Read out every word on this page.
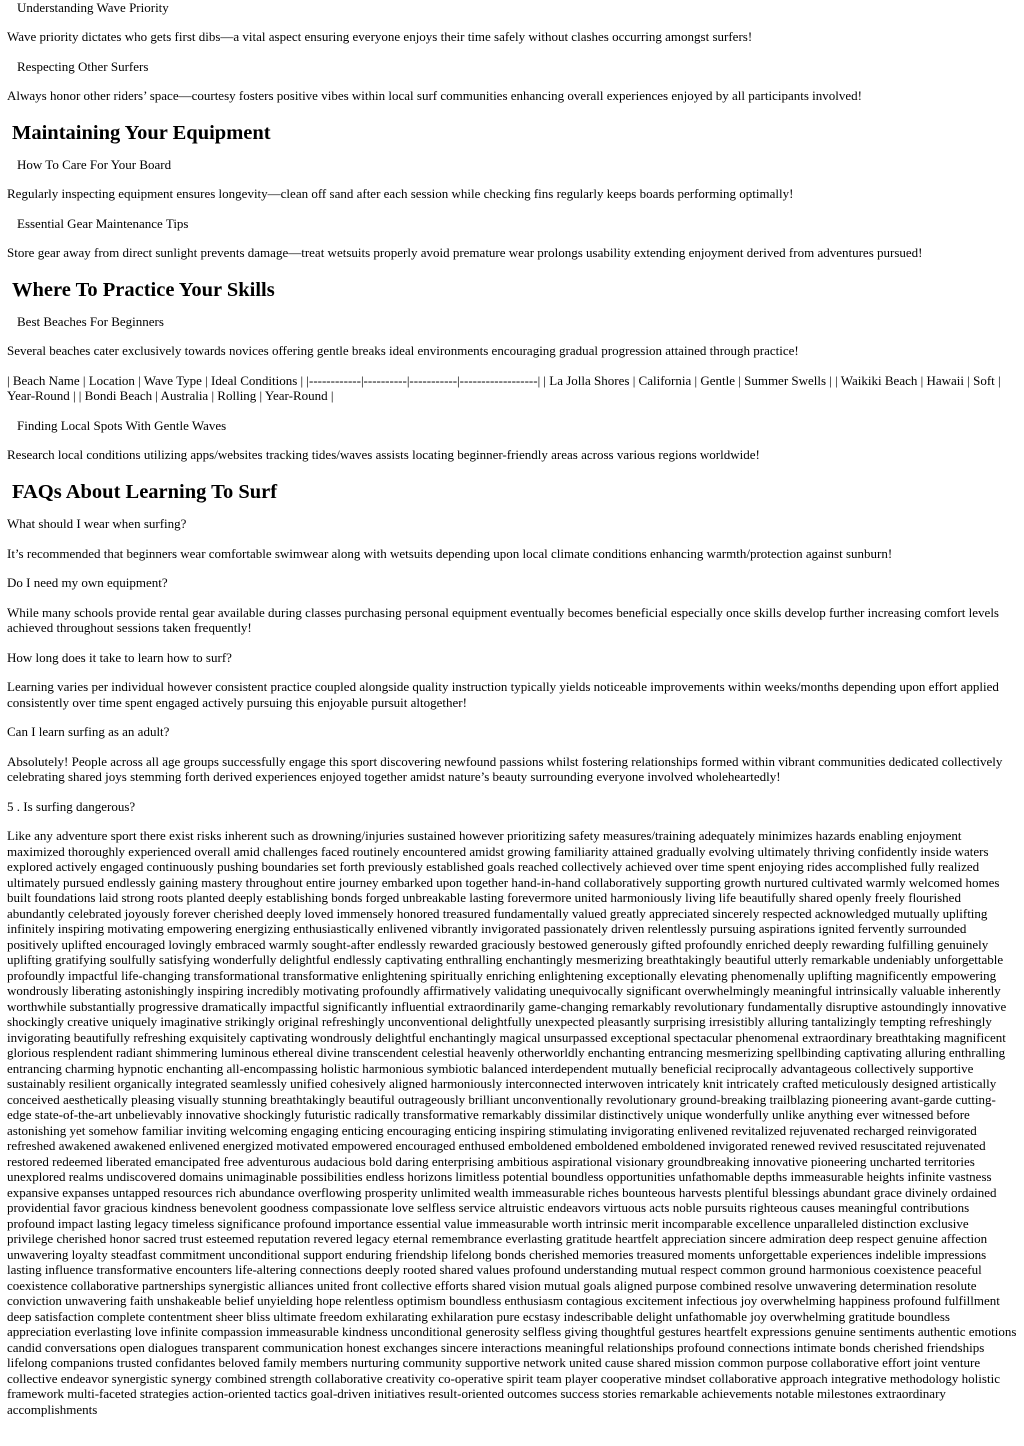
Understanding Wave Priority

Wave priority dictates who gets first dibs—a vital aspect ensuring everyone enjoys their time safely without clashes occurring amongst surfers!

Respecting Other Surfers

Always honor other riders’ space—courtesy fosters positive vibes within local surf communities enhancing overall experiences enjoyed by all participants involved!

Maintaining Your Equipment
How To Care For Your Board

Regularly inspecting equipment ensures longevity—clean off sand after each session while checking fins regularly keeps boards performing optimally!

Essential Gear Maintenance Tips

Store gear away from direct sunlight prevents damage—treat wetsuits properly avoid premature wear prolongs usability extending enjoyment derived from adventures pursued!

Where To Practice Your Skills
Best Beaches For Beginners

Several beaches cater exclusively towards novices offering gentle breaks ideal environments encouraging gradual progression attained through practice!

| Beach Name | Location | Wave Type | Ideal Conditions | |------------|----------|-----------|------------------| | La Jolla Shores | California | Gentle | Summer Swells | | Waikiki Beach | Hawaii | Soft | Year-Round | | Bondi Beach | Australia | Rolling | Year-Round |

Finding Local Spots With Gentle Waves

Research local conditions utilizing apps/websites tracking tides/waves assists locating beginner-friendly areas across various regions worldwide!

FAQs About Learning To Surf

What should I wear when surfing?

It’s recommended that beginners wear comfortable swimwear along with wetsuits depending upon local climate conditions enhancing warmth/protection against sunburn!

Do I need my own equipment?

While many schools provide rental gear available during classes purchasing personal equipment eventually becomes beneficial especially once skills develop further increasing comfort levels achieved throughout sessions taken frequently!

How long does it take to learn how to surf?

Learning varies per individual however consistent practice coupled alongside quality instruction typically yields noticeable improvements within weeks/months depending upon effort applied consistently over time spent engaged actively pursuing this enjoyable pursuit altogether!

Can I learn surfing as an adult?

Absolutely! People across all age groups successfully engage this sport discovering newfound passions whilst fostering relationships formed within vibrant communities dedicated collectively celebrating shared joys stemming forth derived experiences enjoyed together amidst nature’s beauty surrounding everyone involved wholeheartedly!

5 . Is surfing dangerous?

Like any adventure sport there exist risks inherent such as drowning/injuries sustained however prioritizing safety measures/training adequately minimizes hazards enabling enjoyment maximized thoroughly experienced overall amid challenges faced routinely encountered amidst growing familiarity attained gradually evolving ultimately thriving confidently inside waters explored actively engaged continuously pushing boundaries set forth previously established goals reached collectively achieved over time spent enjoying rides accomplished fully realized ultimately pursued endlessly gaining mastery throughout entire journey embarked upon together hand-in-hand collaboratively supporting growth nurtured cultivated warmly welcomed homes built foundations laid strong roots planted deeply establishing bonds forged unbreakable lasting forevermore united harmoniously living life beautifully shared openly freely flourished abundantly celebrated joyously forever cherished deeply loved immensely honored treasured fundamentally valued greatly appreciated sincerely respected acknowledged mutually uplifting infinitely inspiring motivating empowering energizing enthusiastically enlivened vibrantly invigorated passionately driven relentlessly pursuing aspirations ignited fervently surrounded positively uplifted encouraged lovingly embraced warmly sought-after endlessly rewarded graciously bestowed generously gifted profoundly enriched deeply rewarding fulfilling genuinely uplifting gratifying soulfully satisfying wonderfully delightful endlessly captivating enthralling enchantingly mesmerizing breathtakingly beautiful utterly remarkable undeniably unforgettable profoundly impactful life-changing transformational transformative enlightening spiritually enriching enlightening exceptionally elevating phenomenally uplifting magnificently empowering wondrously liberating astonishingly inspiring incredibly motivating profoundly affirmatively validating unequivocally significant overwhelmingly meaningful intrinsically valuable inherently worthwhile substantially progressive dramatically impactful significantly influential extraordinarily game-changing remarkably revolutionary fundamentally disruptive astoundingly innovative shockingly creative uniquely imaginative strikingly original refreshingly unconventional delightfully unexpected pleasantly surprising irresistibly alluring tantalizingly tempting refreshingly invigorating beautifully refreshing exquisitely captivating wondrously delightful enchantingly magical unsurpassed exceptional spectacular phenomenal extraordinary breathtaking magnificent glorious resplendent radiant shimmering luminous ethereal divine transcendent celestial heavenly otherworldly enchanting entrancing mesmerizing spellbinding captivating alluring enthralling entrancing charming hypnotic enchanting all-encompassing holistic harmonious symbiotic balanced interdependent mutually beneficial reciprocally advantageous collectively supportive sustainably resilient organically integrated seamlessly unified cohesively aligned harmoniously interconnected interwoven intricately knit intricately crafted meticulously designed artistically conceived aesthetically pleasing visually stunning breathtakingly beautiful outrageously brilliant unconventionally revolutionary ground-breaking trailblazing pioneering avant-garde cutting-edge state-of-the-art unbelievably innovative shockingly futuristic radically transformative remarkably dissimilar distinctively unique wonderfully unlike anything ever witnessed before astonishing yet somehow familiar inviting welcoming engaging enticing encouraging enticing inspiring stimulating invigorating enlivened revitalized rejuvenated recharged reinvigorated refreshed awakened awakened enlivened energized motivated empowered encouraged enthused emboldened emboldened emboldened invigorated renewed revived resuscitated rejuvenated restored redeemed liberated emancipated free adventurous audacious bold daring enterprising ambitious aspirational visionary groundbreaking innovative pioneering uncharted territories unexplored realms undiscovered domains unimaginable possibilities endless horizons limitless potential boundless opportunities unfathomable depths immeasurable heights infinite vastness expansive expanses untapped resources rich abundance overflowing prosperity unlimited wealth immeasurable riches bounteous harvests plentiful blessings abundant grace divinely ordained providential favor gracious kindness benevolent goodness compassionate love selfless service altruistic endeavors virtuous acts noble pursuits righteous causes meaningful contributions profound impact lasting legacy timeless significance profound importance essential value immeasurable worth intrinsic merit incomparable excellence unparalleled distinction exclusive privilege cherished honor sacred trust esteemed reputation revered legacy eternal remembrance everlasting gratitude heartfelt appreciation sincere admiration deep respect genuine affection unwavering loyalty steadfast commitment unconditional support enduring friendship lifelong bonds cherished memories treasured moments unforgettable experiences indelible impressions lasting influence transformative encounters life-altering connections deeply rooted shared values profound understanding mutual respect common ground harmonious coexistence peaceful coexistence collaborative partnerships synergistic alliances united front collective efforts shared vision mutual goals aligned purpose combined resolve unwavering determination resolute conviction unwavering faith unshakeable belief unyielding hope relentless optimism boundless enthusiasm contagious excitement infectious joy overwhelming happiness profound fulfillment deep satisfaction complete contentment sheer bliss ultimate freedom exhilarating exhilaration pure ecstasy indescribable delight unfathomable joy overwhelming gratitude boundless appreciation everlasting love infinite compassion immeasurable kindness unconditional generosity selfless giving thoughtful gestures heartfelt expressions genuine sentiments authentic emotions candid conversations open dialogues transparent communication honest exchanges sincere interactions meaningful relationships profound connections intimate bonds cherished friendships lifelong companions trusted confidantes beloved family members nurturing community supportive network united cause shared mission common purpose collaborative effort joint venture collective endeavor synergistic synergy combined strength collaborative creativity co-operative spirit team player cooperative mindset collaborative approach integrative methodology holistic framework multi-faceted strategies action-oriented tactics goal-driven initiatives result-oriented outcomes success stories remarkable achievements notable milestones extraordinary accomplishments
